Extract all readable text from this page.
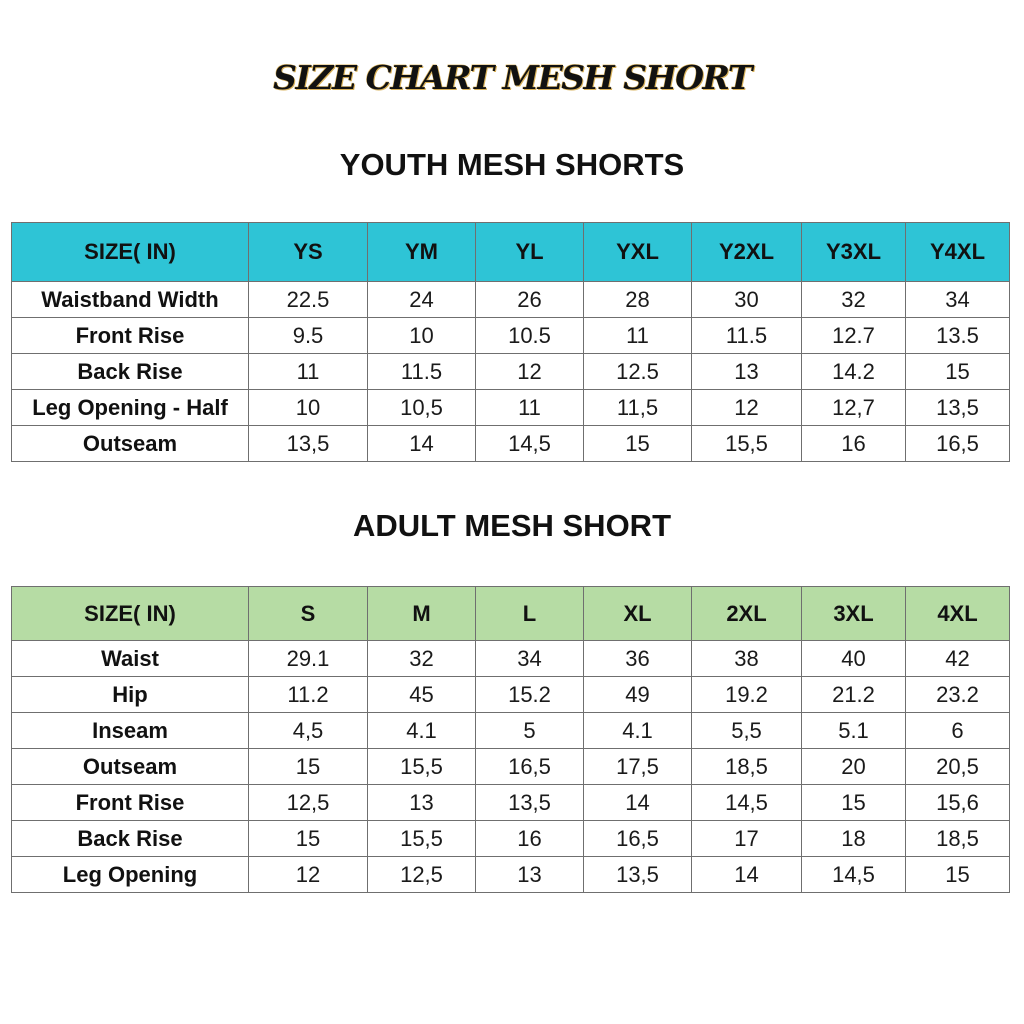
SIZE CHART MESH SHORT
YOUTH MESH SHORTS
SIZE( IN)	YS	YM	YL	YXL	Y2XL	Y3XL	Y4XL
Waistband Width	22.5	24	26	28	30	32	34
Front Rise	9.5	10	10.5	11	11.5	12.7	13.5
Back Rise	11	11.5	12	12.5	13	14.2	15
Leg Opening - Half	10	10,5	11	11,5	12	12,7	13,5
Outseam	13,5	14	14,5	15	15,5	16	16,5
ADULT MESH SHORT
SIZE( IN)	S	M	L	XL	2XL	3XL	4XL
Waist	29.1	32	34	36	38	40	42
Hip	11.2	45	15.2	49	19.2	21.2	23.2
Inseam	4,5	4.1	5	4.1	5,5	5.1	6
Outseam	15	15,5	16,5	17,5	18,5	20	20,5
Front Rise	12,5	13	13,5	14	14,5	15	15,6
Back Rise	15	15,5	16	16,5	17	18	18,5
Leg Opening	12	12,5	13	13,5	14	14,5	15
